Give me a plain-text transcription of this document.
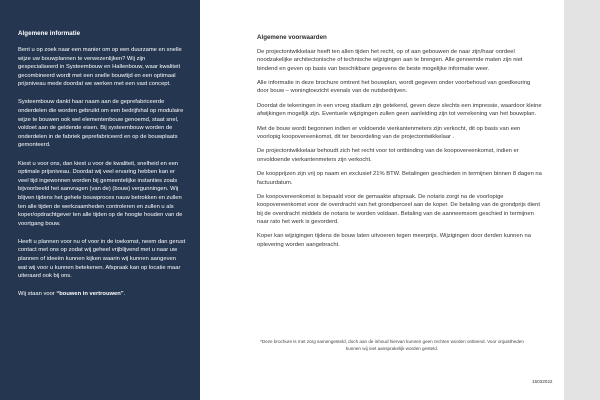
Algemene informatie

Bent u op zoek naar een manier om op een duurzame en snelle wijze uw bouwplannen te verwezenlijken? Wij zijn gespecialiseerd in Systeembouw en Hallenbouw, waar kwaliteit gecombineerd wordt met een snelle bouwtijd en een optimaal prijsniveau mede doordat we werken met een vast concept.

Systeembouw dankt haar naam aan de geprefabriceerde onderdelen die worden gebruikt om een bedrijfshal op modulaire wijze te bouwen ook wel elementenbouw genoemd, staat snel, voldoet aan de geldende eisen. Bij systeembouw worden de onderdelen in de fabriek geprefabriceerd en op de bouwplaats gemonteerd.

Kiest u voor ons, dan kiest u voor de kwaliteit, snelheid en een optimale prijsniveau. Doordat wij veel ervaring hebben kan er veel tijd ingewonnen worden bij gemeentelijke instanties zoals bijvoorbeeld het aanvragen (van de) (bouw) vergunningen. Wij blijven tijdens het gehele bouwproces nauw betrokken en zullen ten alle tijden de werkzaamheden controleren en zullen u als koper/opdrachtgever ten alle tijden op de hoogte houden van de voortgang bouw.

Heeft u plannen voor nu of voor in de toekomst, neem dan gerust contact met ons op zodat wij geheel vrijblijvend met u naar uw plannen of ideeën kunnen kijken waarin wij kunnen aangeven wat wij voor u kunnen betekenen. Afspraak kan op locatie maar uiteraard ook bij ons.

Wij staan voor “bouwen in vertrouwen”.

Algemene voorwaarden

De projectontwikkelaar heeft ten allen tijden het recht, op of aan gebouwen de naar zijn/haar oordeel noodzakelijke architectonische of technische wijzigingen aan te brengen. Alle genoemde maten zijn niet bindend en geven op basis van beschikbare gegevens de beste mogelijke informatie weer.

Alle informatie in deze brochure omtrent het bouwplan, wordt gegeven onder voorbehoud van goedkeuring door bouw – woningtoezicht evenals van de nutsbedrijven.

Doordat de tekeningen in een vroeg stadium zijn getekend, geven deze slechts een impressie, waardoor kleine afwijkingen mogelijk zijn. Eventuele wijzigingen zullen geen aanleiding zijn tot verrekening van het bouwplan.

Met de bouw wordt begonnen indien er voldoende vierkantenmeters zijn verkocht, dit op basis van een voorlopig koopovereenkomst, dit ter beoordeling van de projectontwikkelaar .

De projectontwikkelaar behoudt zich het recht voor tot ontbinding van de koopovereenkomst, indien er onvoldoende vierkantenmeters zijn verkocht.

De koopprijzen zijn vrij op naam en exclusief 21% BTW. Betalingen geschieden in termijnen binnen 8 dagen na factuurdatum.

De koopovereenkomst is bepaald voor de gemaakte afspraak. De notaris zorgt na de voorlopige koopovereenkomst voor de overdracht van het grondperceel aan de koper. De betaling van de grondprijs dient bij de overdracht middels de notaris te worden voldaan. Betaling van de aanneemsom geschied in termijnen naar rato het werk is gevorderd.

Koper kan wijzigingen tijdens de bouw laten uitvoeren tegen meerprijs. Wijzigingen door derden kunnen na oplevering worden aangebracht.

*Deze brochure is met zorg samengesteld, doch aan de inhoud hiervan kunnen geen rechten worden ontleend. Voor onjuistheden kunnen wij niet aansprakelijk worden gesteld.
15032022
